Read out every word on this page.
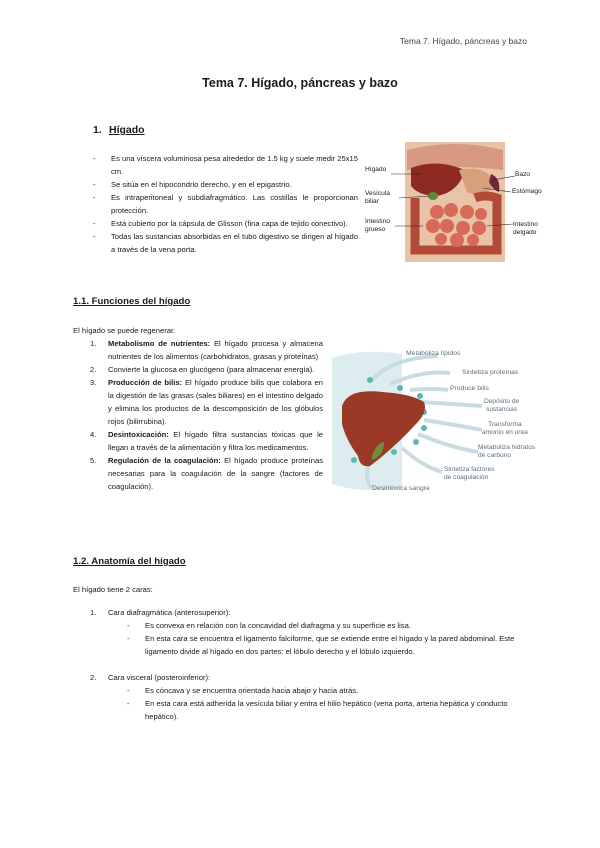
Tema 7. Hígado, páncreas y bazo
Tema 7. Hígado, páncreas y bazo
1. Hígado
- Es una víscera voluminosa pesa alrededor de 1.5 kg y suele medir 25x15 cm.
- Se sitúa en el hipocondrio derecho, y en el epigastrio.
- Es intraperitoneal y subdiafragmático. Las costillas le proporcionan protección.
- Está cubierto por la cápsula de Glisson (fina capa de tejido conectivo).
- Todas las sustancias absorbidas en el tubo digestivo se dirigen al hígado a través de la vena porta.
Hígado
Vesícula biliar
Intestino grueso
Bazo
Estómago
Intestino delgado
1.1. Funciones del hígado
El hígado se puede regenerar.
1. Metabolismo de nutrientes: El hígado procesa y almacena nutrientes de los alimentos (carbohidratos, grasas y proteínas)
2. Convierte la glucosa en glucógeno (para almacenar energía).
3. Producción de bilis: El hígado produce bilis que colabora en la digestión de las grasas (sales biliares) en el intestino delgado y elimina los productos de la descomposición de los glóbulos rojos (bilirrubina).
4. Desintoxicación: El hígado filtra sustancias tóxicas que le llegan a través de la alimentación y filtra los medicamentos.
5. Regulación de la coagulación: El hígado produce proteínas necesarias para la coagulación de la sangre (factores de coagulación).
Metaboliza lípidos
Sintetiza proteínas
Produce bilis
Depósito de
sustancias
Transforma
amonio en urea
Metaboliza hidratos
de carbono
Sintetiza factores
de coagulación
Desintoxica sangre
1.2. Anatomía del hígado
El hígado tiene 2 caras:
1. Cara diafragmática (anterosuperior):
- Es convexa en relación con la concavidad del diafragma y su superficie es lisa.
- En esta cara se encuentra el ligamento falciforme, que se extiende entre el hígado y la pared abdominal. Este ligamento divide al hígado en dos partes: el lóbulo derecho y el lóbulo izquierdo.
2. Cara visceral (posteroinferior):
- Es cóncava y se encuentra orientada hacia abajo y hacia atrás.
- En esta cara está adherida la vesícula biliar y entra el hilio hepático (vena porta, arteria hepática y conducto hepático).
